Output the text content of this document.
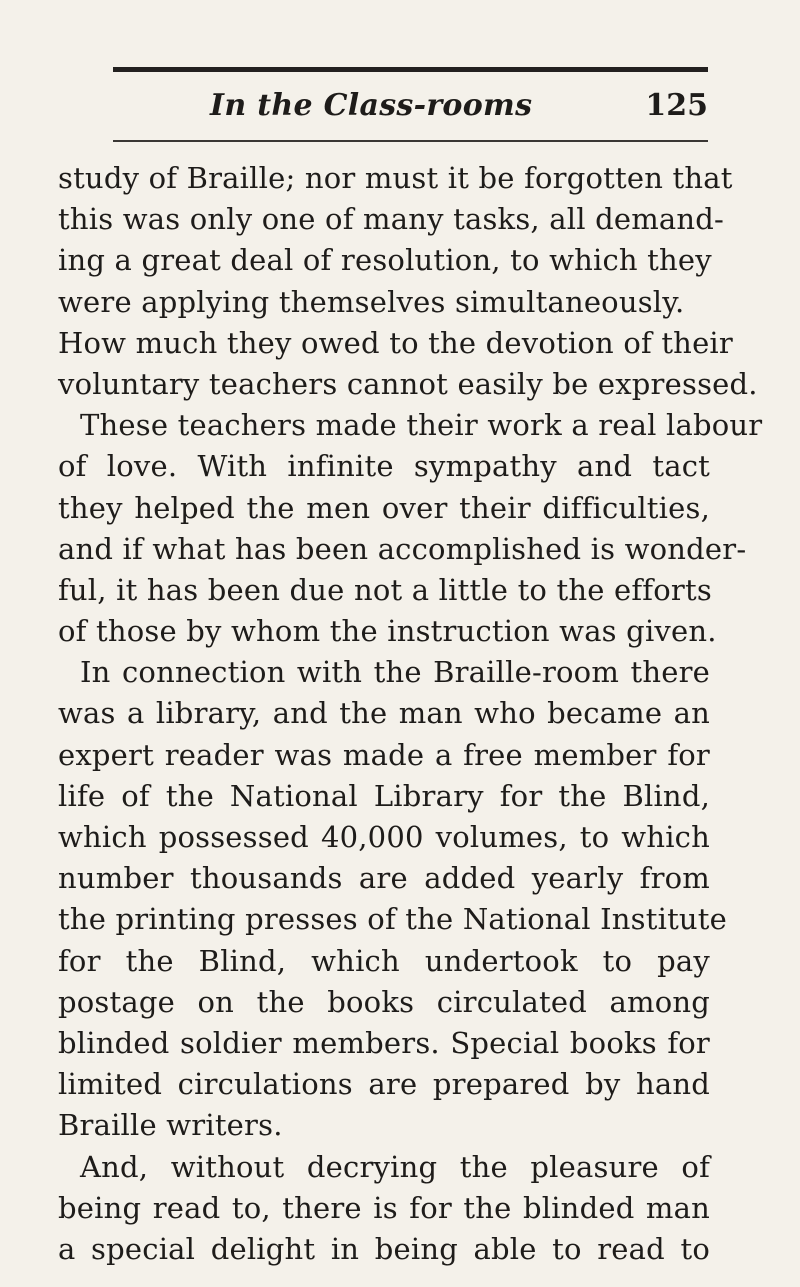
In the Class-rooms	125
study of Braille; nor must it be forgotten that
this was only one of many tasks, all demand-
ing a great deal of resolution, to which they
were applying themselves simultaneously.
How much they owed to the devotion of their
voluntary teachers cannot easily be expressed.
These teachers made their work a real labour
of love. With infinite sympathy and tact
they helped the men over their difficulties,
and if what has been accomplished is wonder-
ful, it has been due not a little to the efforts
of those by whom the instruction was given.
In connection with the Braille-room there
was a library, and the man who became an
expert reader was made a free member for
life of the National Library for the Blind,
which possessed 40,000 volumes, to which
number thousands are added yearly from
the printing presses of the National Institute
for the Blind, which undertook to pay
postage on the books circulated among
blinded soldier members. Special books for
limited circulations are prepared by hand
Braille writers.
And, without decrying the pleasure of
being read to, there is for the blinded man
a special delight in being able to read to
